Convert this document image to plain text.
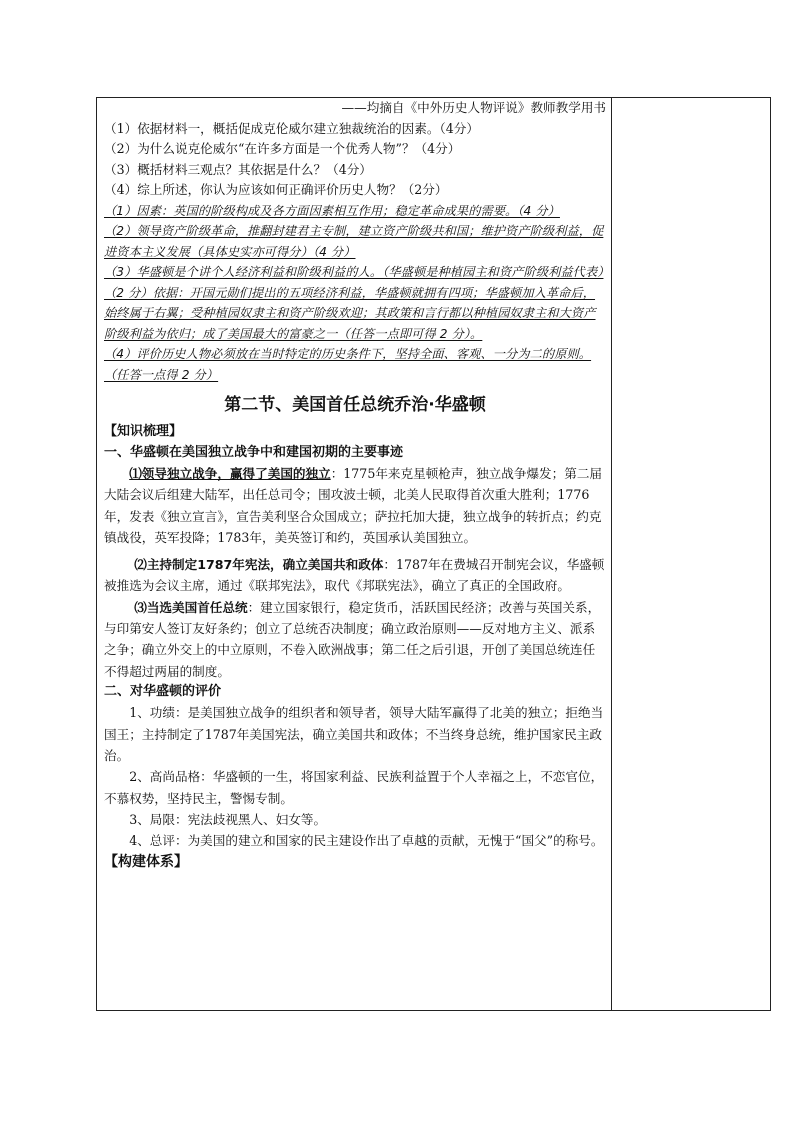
——均摘自《中外历史人物评说》教师教学用书

（1）依据材料一，概括促成克伦威尔建立独裁统治的因素。（4分）

（2）为什么说克伦威尔“在许多方面是一个优秀人物”？（4分）

（3）概括材料三观点？其依据是什么？（4分）

（4）综上所述，你认为应该如何正确评价历史人物？（2分）

（1）因素：英国的阶级构成及各方面因素相互作用；稳定革命成果的需要。（4 分）

（2）领导资产阶级革命，推翻封建君主专制，建立资产阶级共和国；维护资产阶级利益，促进资本主义发展（具体史实亦可得分）（4 分）

（3）华盛顿是个讲个人经济利益和阶级利益的人。（华盛顿是种植园主和资产阶级利益代表）（2 分）依据：开国元勋们提出的五项经济利益，华盛顿就拥有四项；华盛顿加入革命后，始终属于右翼；受种植园奴隶主和资产阶级欢迎；其政策和言行都以种植园奴隶主和大资产阶级利益为依归；成了美国最大的富豪之一（任答一点即可得 2 分）。

（4）评价历史人物必须放在当时特定的历史条件下，坚持全面、客观、一分为二的原则。（任答一点得 2 分）

第二节、美国首任总统乔治·华盛顿

【知识梳理】

一、华盛顿在美国独立战争中和建国初期的主要事迹

⑴领导独立战争，赢得了美国的独立：1775年来克星顿枪声，独立战争爆发；第二届大陆会议后组建大陆军，出任总司令；围攻波士顿，北美人民取得首次重大胜利；1776年，发表《独立宣言》，宣告美利坚合众国成立；萨拉托加大捷，独立战争的转折点；约克镇战役，英军投降；1783年，美英签订和约，英国承认美国独立。

⑵主持制定1787年宪法，确立美国共和政体：1787年在费城召开制宪会议，华盛顿被推选为会议主席，通过《联邦宪法》，取代《邦联宪法》，确立了真正的全国政府。

⑶当选美国首任总统：建立国家银行，稳定货币，活跃国民经济；改善与英国关系，与印第安人签订友好条约；创立了总统否决制度；确立政治原则——反对地方主义、派系之争；确立外交上的中立原则，不卷入欧洲战事；第二任之后引退，开创了美国总统连任不得超过两届的制度。

二、对华盛顿的评价

1、功绩：是美国独立战争的组织者和领导者，领导大陆军赢得了北美的独立；拒绝当国王；主持制定了1787年美国宪法，确立美国共和政体；不当终身总统，维护国家民主政治。

2、高尚品格：华盛顿的一生，将国家利益、民族利益置于个人幸福之上，不恋官位，不慕权势，坚持民主，警惕专制。

3、局限：宪法歧视黑人、妇女等。

4、总评：为美国的建立和国家的民主建设作出了卓越的贡献，无愧于“国父”的称号。

【构建体系】
